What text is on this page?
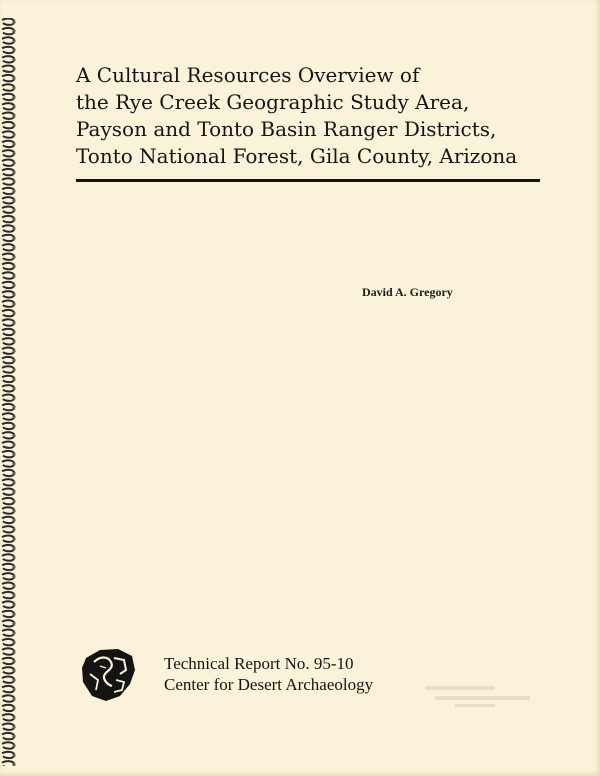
A Cultural Resources Overview of
the Rye Creek Geographic Study Area,
Payson and Tonto Basin Ranger Districts,
Tonto National Forest, Gila County, Arizona

David A. Gregory

Technical Report No. 95-10
Center for Desert Archaeology
